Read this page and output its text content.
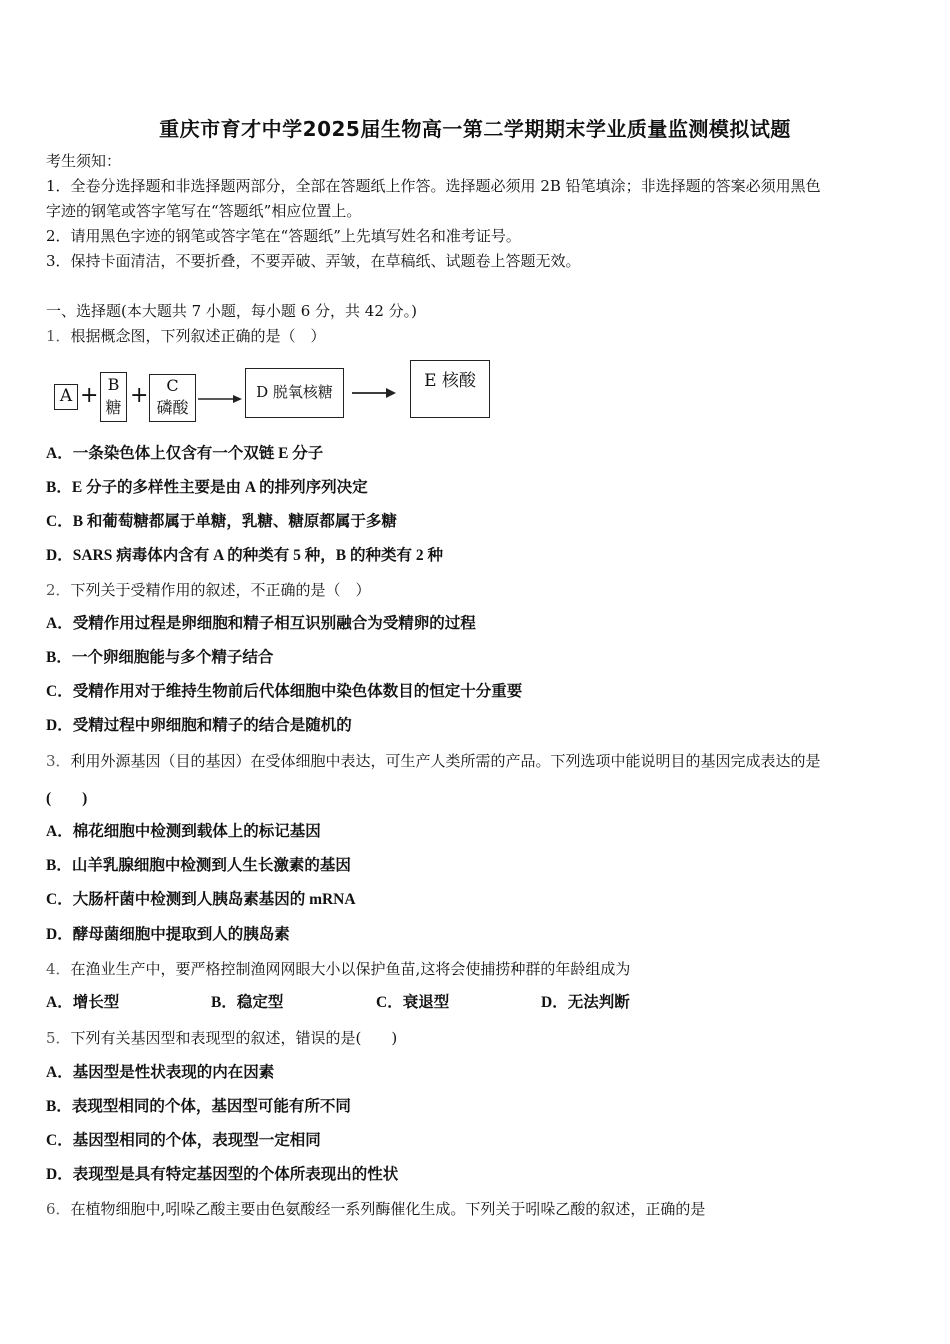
重庆市育才中学2025届生物高一第二学期期末学业质量监测模拟试题
考生须知：
1．全卷分选择题和非选择题两部分，全部在答题纸上作答。选择题必须用 2B 铅笔填涂；非选择题的答案必须用黑色
字迹的钢笔或答字笔写在“答题纸”相应位置上。
2．请用黑色字迹的钢笔或答字笔在“答题纸”上先填写姓名和准考证号。
3．保持卡面清洁，不要折叠，不要弄破、弄皱，在草稿纸、试题卷上答题无效。
一、选择题(本大题共 7 小题，每小题 6 分，共 42 分。)
1．根据概念图，下列叙述正确的是（　）
A + B
糖 +	C
磷酸
D 脱氧核糖
E 核酸
A．一条染色体上仅含有一个双链 E 分子
B．E 分子的多样性主要是由 A 的排列序列决定
C．B 和葡萄糖都属于单糖，乳糖、糖原都属于多糖
D．SARS 病毒体内含有 A 的种类有 5 种，B 的种类有 2 种
2．下列关于受精作用的叙述，不正确的是（　）
A．受精作用过程是卵细胞和精子相互识别融合为受精卵的过程
B．一个卵细胞能与多个精子结合
C．受精作用对于维持生物前后代体细胞中染色体数目的恒定十分重要
D．受精过程中卵细胞和精子的结合是随机的
3．利用外源基因（目的基因）在受体细胞中表达，可生产人类所需的产品。下列选项中能说明目的基因完成表达的是
(　　)
A．棉花细胞中检测到载体上的标记基因
B．山羊乳腺细胞中检测到人生长激素的基因
C．大肠杆菌中检测到人胰岛素基因的 mRNA
D．酵母菌细胞中提取到人的胰岛素
4．在渔业生产中，要严格控制渔网网眼大小以保护鱼苗,这将会使捕捞种群的年龄组成为
A．增长型	B．稳定型	C．衰退型	D．无法判断
5．下列有关基因型和表现型的叙述，错误的是(　　)
A．基因型是性状表现的内在因素
B．表现型相同的个体，基因型可能有所不同
C．基因型相同的个体，表现型一定相同
D．表现型是具有特定基因型的个体所表现出的性状
6．在植物细胞中,吲哚乙酸主要由色氨酸经一系列酶催化生成。下列关于吲哚乙酸的叙述，正确的是
